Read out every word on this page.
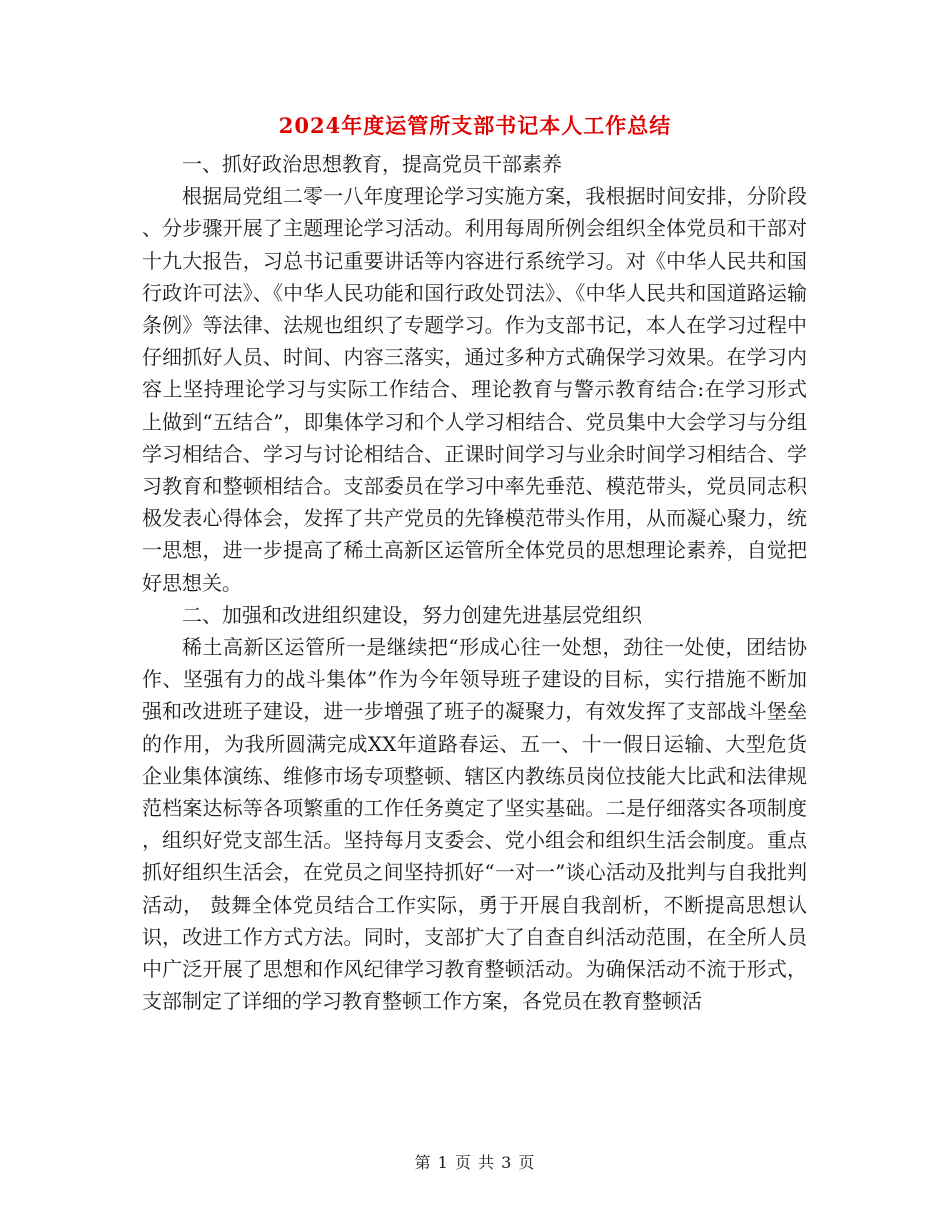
2024年度运管所支部书记本人工作总结

一、抓好政治思想教育，提高党员干部素养

根据局党组二零一八年度理论学习实施方案，我根据时间安排，分阶段、分步骤开展了主题理论学习活动。利用每周所例会组织全体党员和干部对十九大报告，习总书记重要讲话等内容进行系统学习。对《中华人民共和国行政许可法》、《中华人民功能和国行政处罚法》、《中华人民共和国道路运输条例》等法律、法规也组织了专题学习。作为支部书记，本人在学习过程中仔细抓好人员、时间、内容三落实，通过多种方式确保学习效果。在学习内容上坚持理论学习与实际工作结合、理论教育与警示教育结合:在学习形式上做到“五结合”，即集体学习和个人学习相结合、党员集中大会学习与分组学习相结合、学习与讨论相结合、正课时间学习与业余时间学习相结合、学习教育和整顿相结合。支部委员在学习中率先垂范、模范带头，党员同志积极发表心得体会，发挥了共产党员的先锋模范带头作用，从而凝心聚力，统一思想，进一步提高了稀土高新区运管所全体党员的思想理论素养，自觉把好思想关。

二、加强和改进组织建设，努力创建先进基层党组织

稀土高新区运管所一是继续把“形成心往一处想，劲往一处使，团结协作、坚强有力的战斗集体”作为今年领导班子建设的目标，实行措施不断加强和改进班子建设，进一步增强了班子的凝聚力，有效发挥了支部战斗堡垒的作用，为我所圆满完成XX年道路春运、五一、十一假日运输、大型危货企业集体演练、维修市场专项整顿、辖区内教练员岗位技能大比武和法律规范档案达标等各项繁重的工作任务奠定了坚实基础。二是仔细落实各项制度，组织好党支部生活。坚持每月支委会、党小组会和组织生活会制度。重点抓好组织生活会，在党员之间坚持抓好“一对一”谈心活动及批判与自我批判活动， 鼓舞全体党员结合工作实际，勇于开展自我剖析，不断提高思想认识，改进工作方式方法。同时，支部扩大了自查自纠活动范围，在全所人员中广泛开展了思想和作风纪律学习教育整顿活动。为确保活动不流于形式，支部制定了详细的学习教育整顿工作方案，各党员在教育整顿活

第 1 页 共 3 页
